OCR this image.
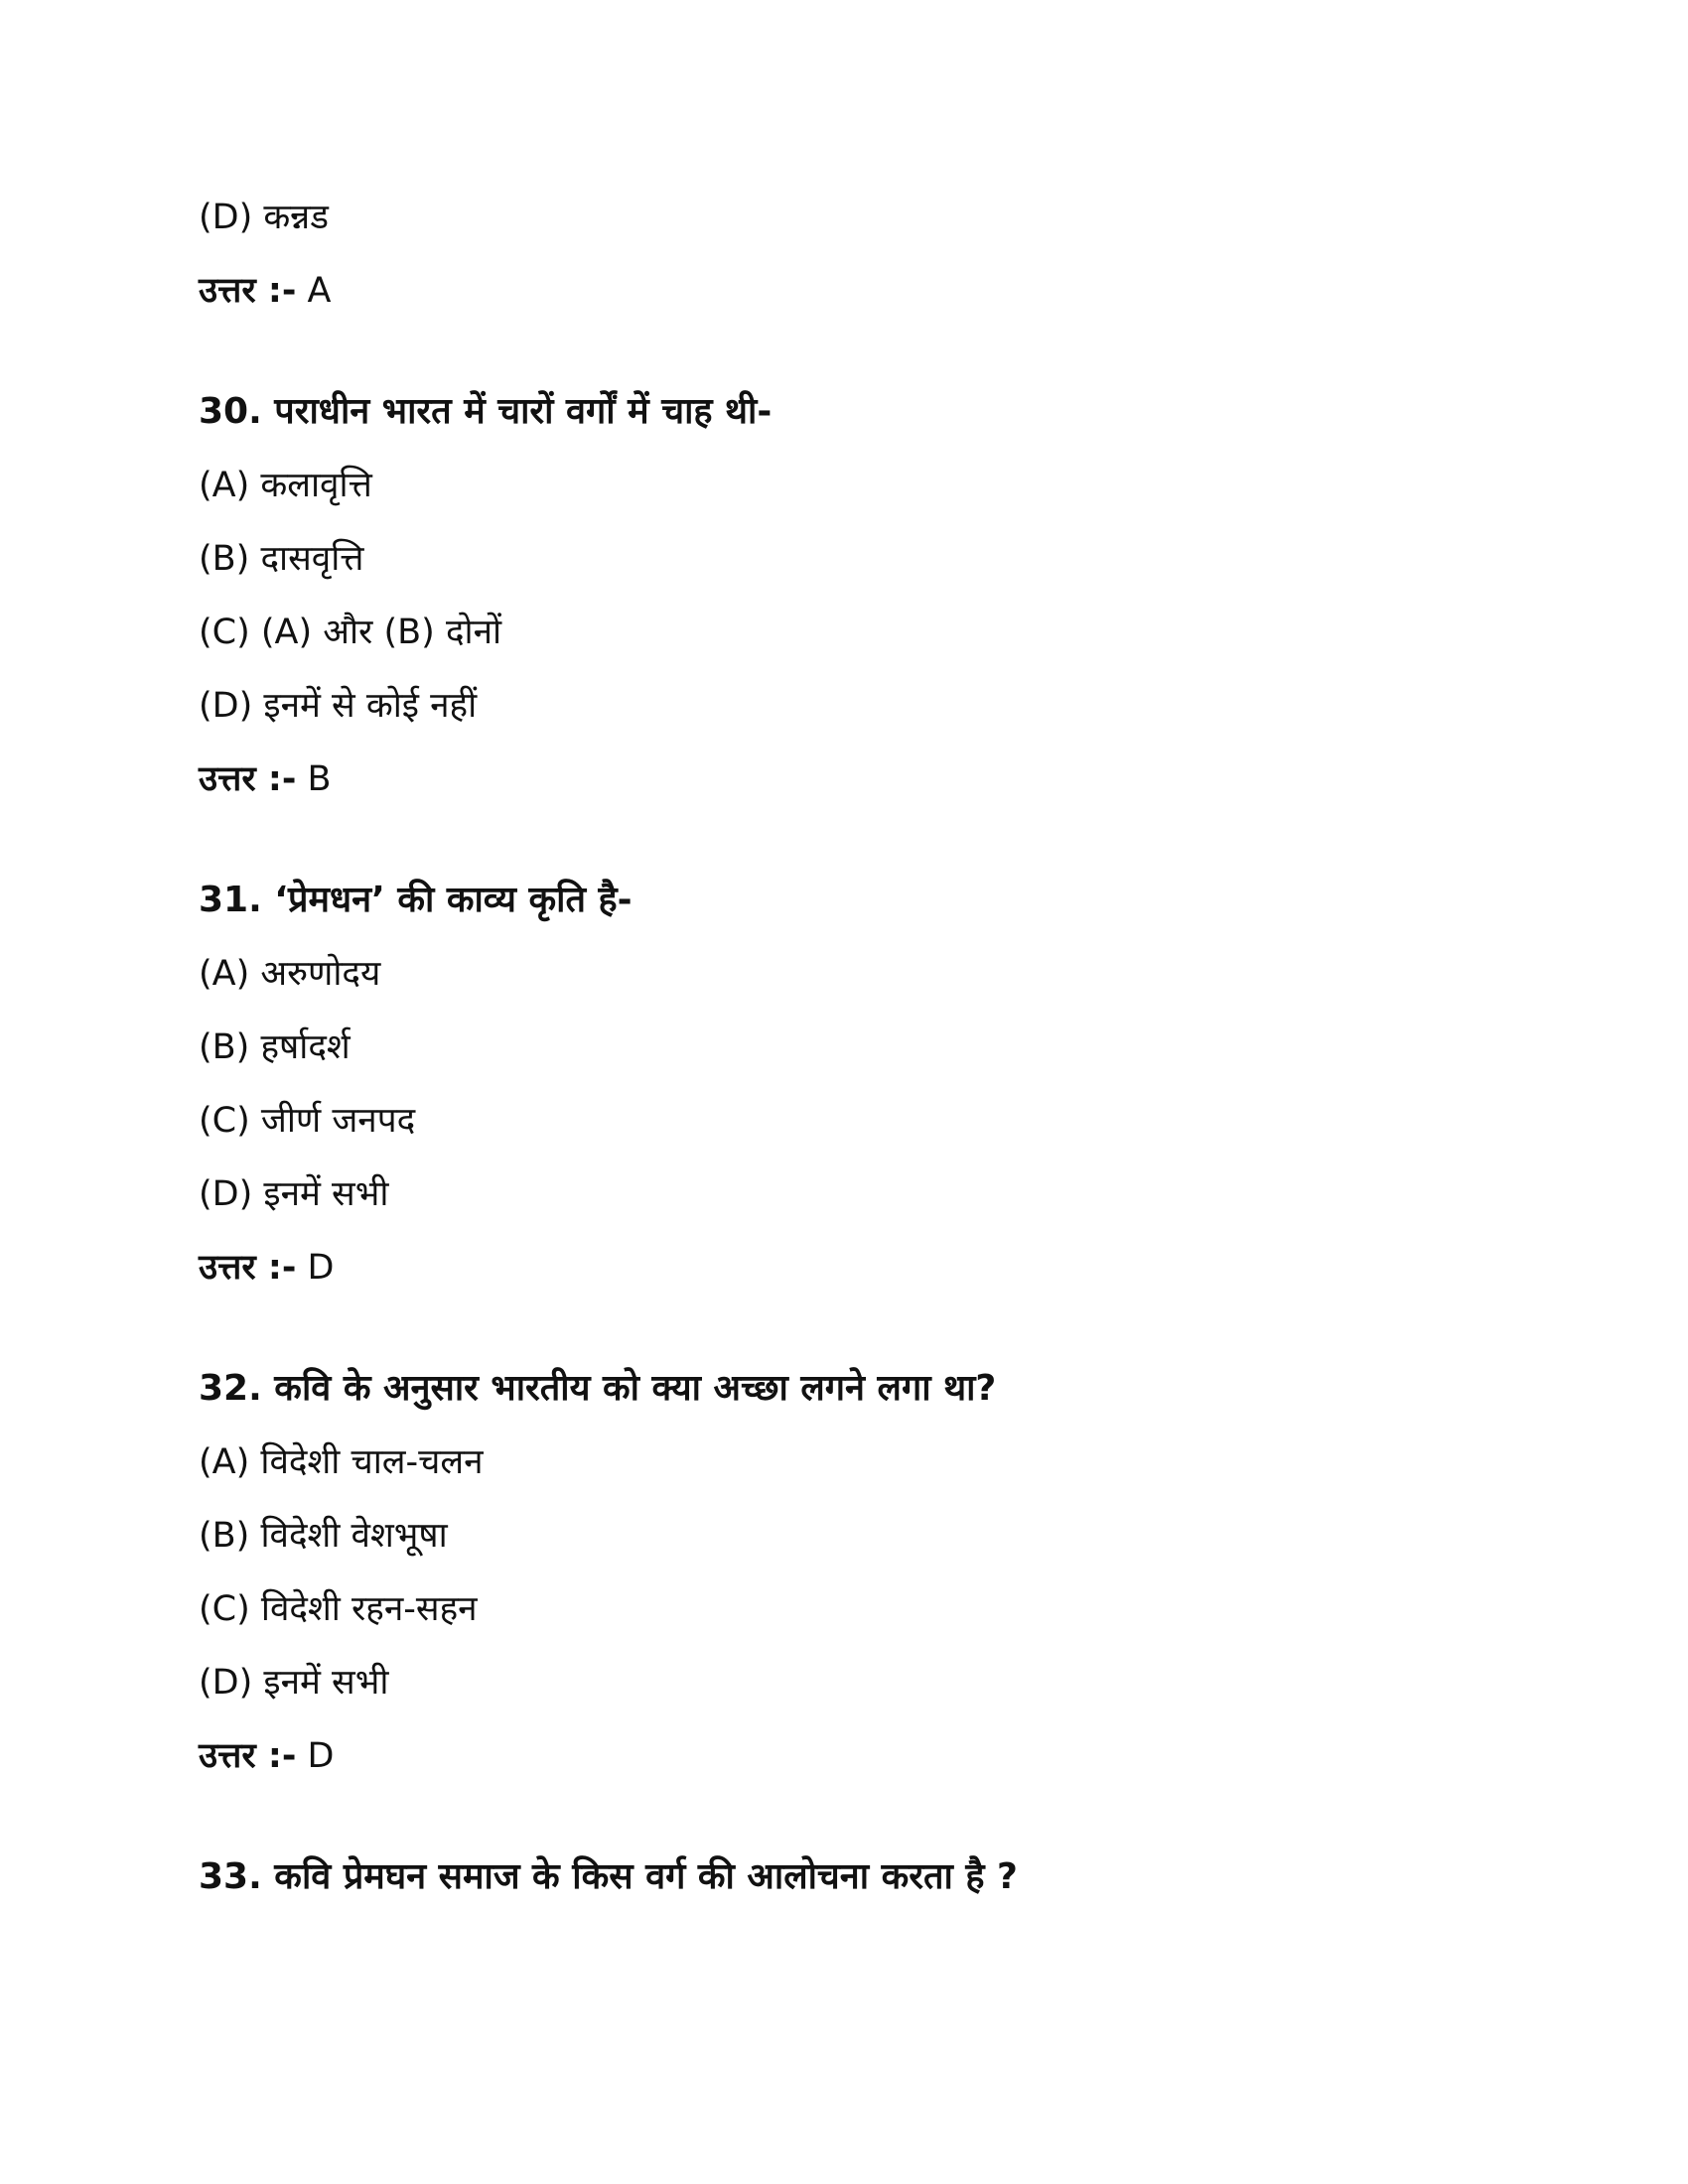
(D) कन्नड
उत्तर :- A
30. पराधीन भारत में चारों वर्गों में चाह थी-
(A) कलावृत्ति
(B) दासवृत्ति
(C) (A) और (B) दोनों
(D) इनमें से कोई नहीं
उत्तर :- B
31. ‘प्रेमधन’ की काव्य कृति है-
(A) अरुणोदय
(B) हर्षादर्श
(C) जीर्ण जनपद
(D) इनमें सभी
उत्तर :- D
32. कवि के अनुसार भारतीय को क्या अच्छा लगने लगा था?
(A) विदेशी चाल-चलन
(B) विदेशी वेशभूषा
(C) विदेशी रहन-सहन
(D) इनमें सभी
उत्तर :- D
33. कवि प्रेमघन समाज के किस वर्ग की आलोचना करता है ?
